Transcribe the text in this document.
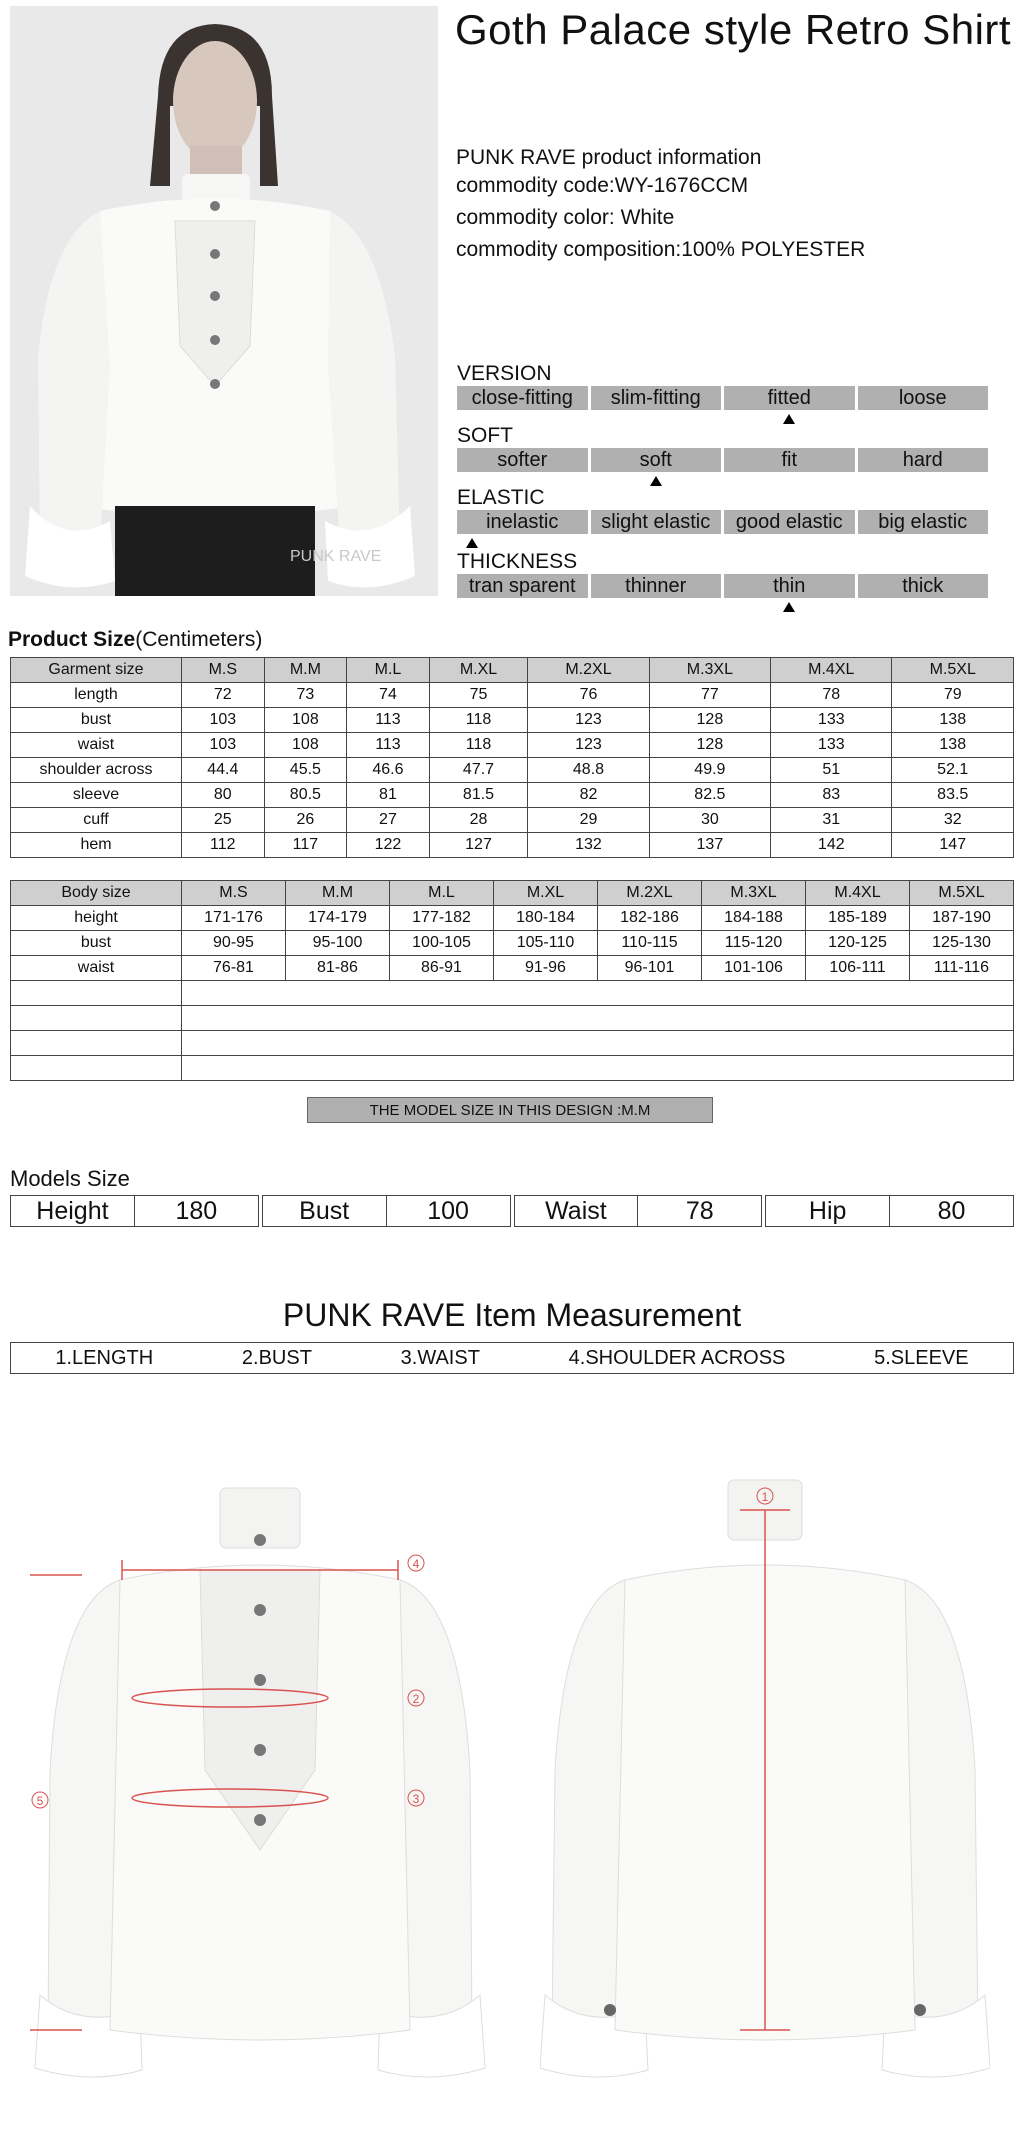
PUNK RAVE
Goth Palace style Retro Shirt
PUNK RAVE product information
commodity code:WY-1676CCM
commodity color: White
commodity composition:100% POLYESTER
VERSION
close-fitting	slim-fitting	fitted	loose
SOFT
softer	soft	fit	hard
ELASTIC
inelastic	slight elastic	good elastic	big elastic
THICKNESS
tran sparent	thinner	thin	thick
Product Size(Centimeters)
Garment size	M.S	M.M	M.L	M.XL	M.2XL	M.3XL	M.4XL	M.5XL
length	72	73	74	75	76	77	78	79
bust	103	108	113	118	123	128	133	138
waist	103	108	113	118	123	128	133	138
shoulder across	44.4	45.5	46.6	47.7	48.8	49.9	51	52.1
sleeve	80	80.5	81	81.5	82	82.5	83	83.5
cuff	25	26	27	28	29	30	31	32
hem	112	117	122	127	132	137	142	147
Body size	M.S	M.M	M.L	M.XL	M.2XL	M.3XL	M.4XL	M.5XL
height	171-176	174-179	177-182	180-184	182-186	184-188	185-189	187-190
bust	90-95	95-100	100-105	105-110	110-115	115-120	120-125	125-130
waist	76-81	81-86	86-91	91-96	96-101	101-106	106-111	111-116

THE MODEL SIZE IN THIS DESIGN :M.M
Models Size
Height	180	Bust	100	Waist	78	Hip	80
PUNK RAVE Item Measurement
1.LENGTH	2.BUST	3.WAIST	4.SHOULDER ACROSS	5.SLEEVE
4
2
3
5
1
